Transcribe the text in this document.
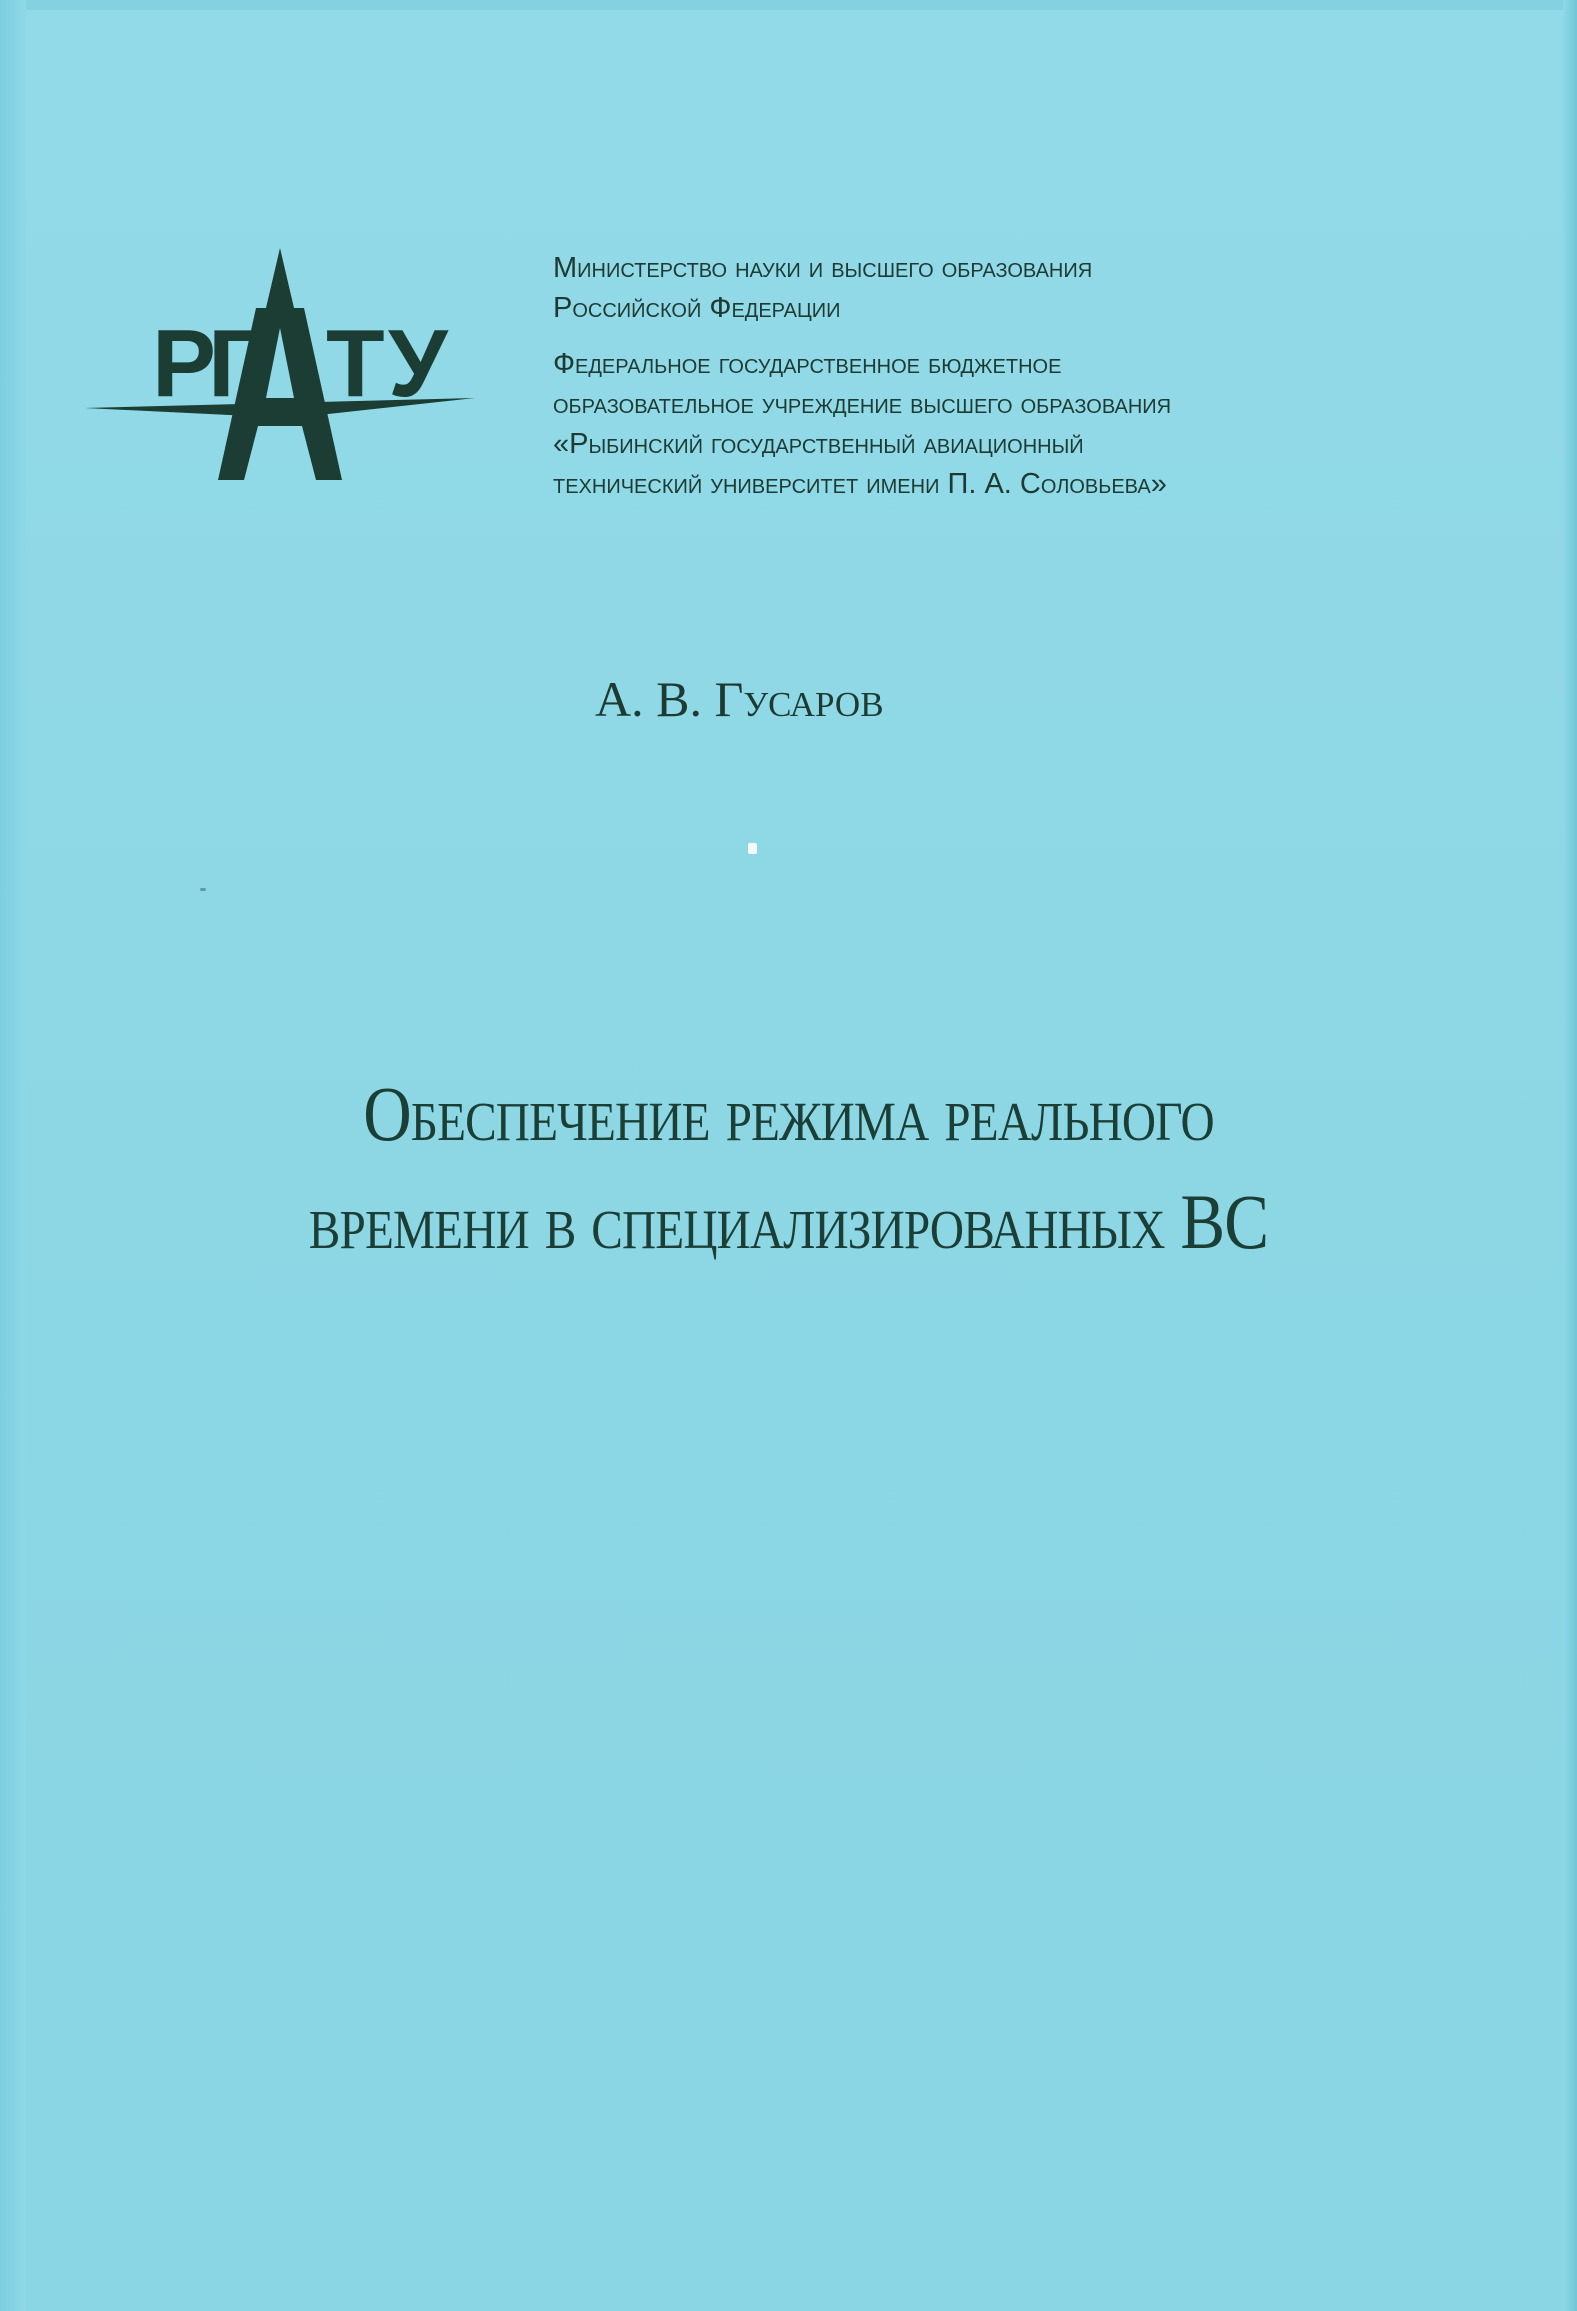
Р
Г Т У
Министерство науки и высшего образования
Российской Федерации
Федеральное государственное бюджетное
образовательное учреждение высшего образования
«Рыбинский государственный авиационный
технический университет имени П. А. Соловьева»
А. В. Гусаров
Обеспечение режима реального
времени в специализированных ВС
